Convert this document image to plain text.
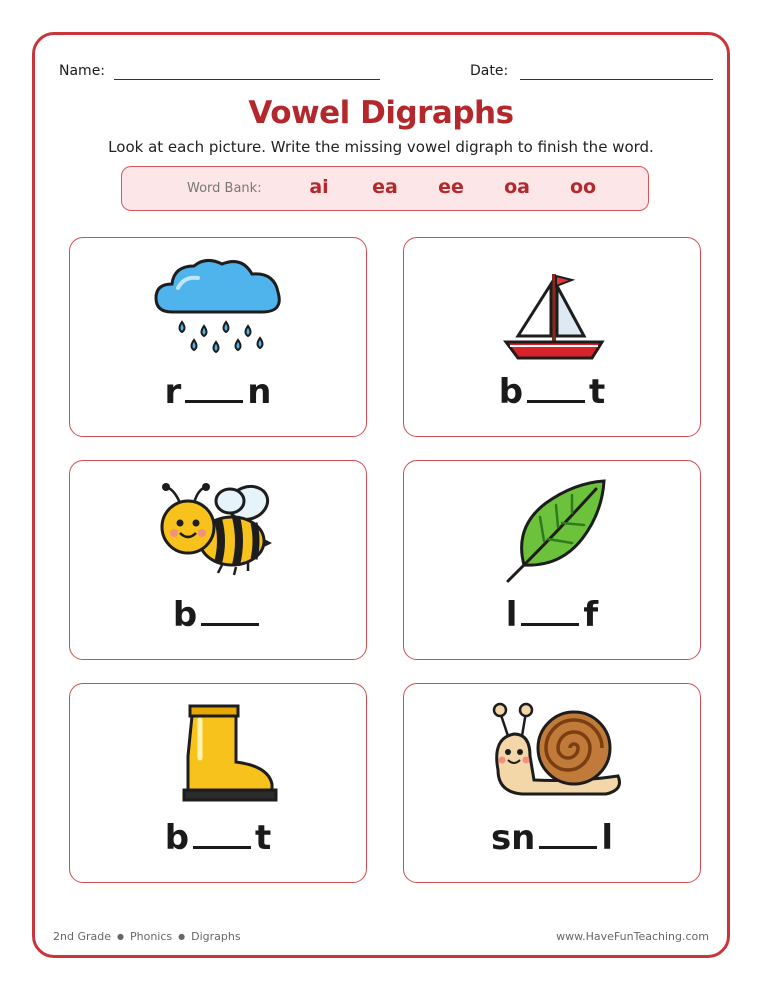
Name:	Date:
Vowel Digraphs
Look at each picture. Write the missing vowel digraph to finish the word.
Word Bank:	ai	ea ee oa oo
r n	b t
b	l f
b t	sn l
2nd Grade ● Phonics ● Digraphs	www.HaveFunTeaching.com
